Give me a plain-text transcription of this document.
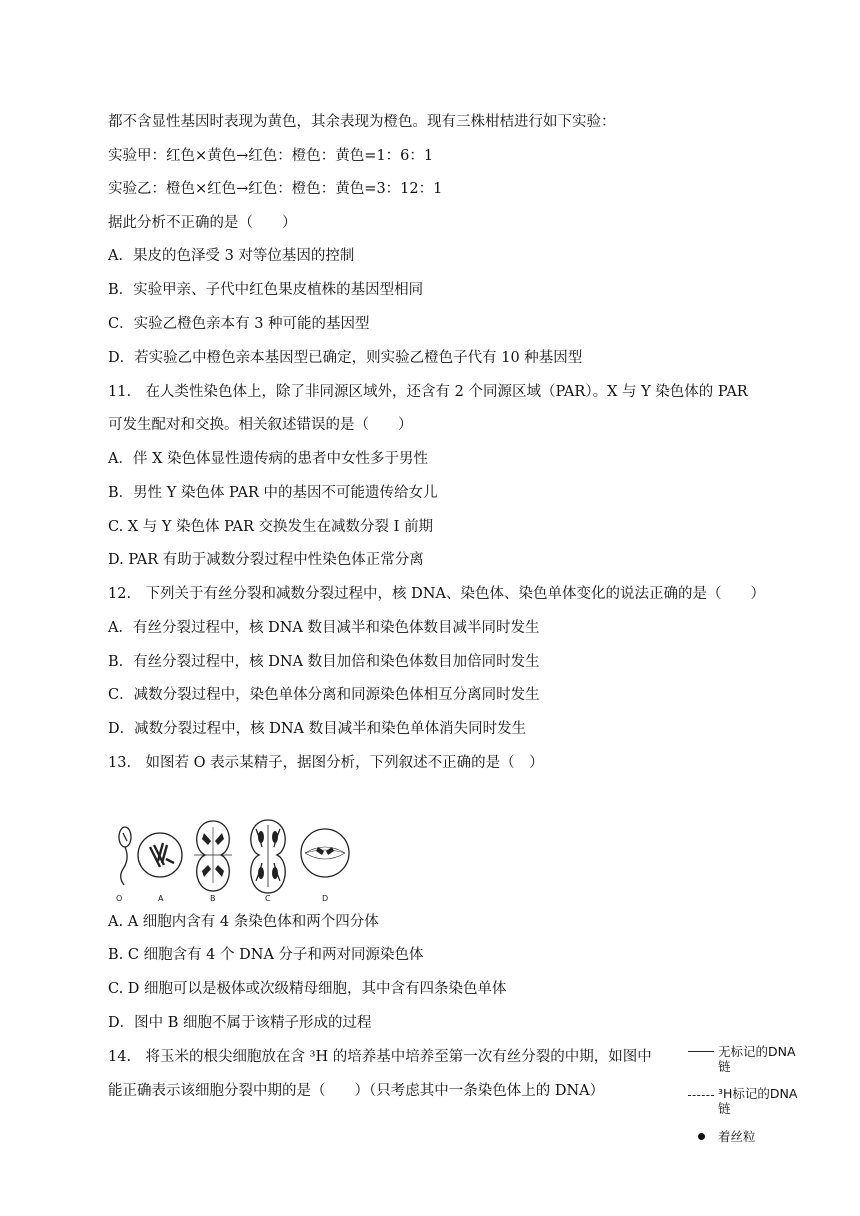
都不含显性基因时表现为黄色，其余表现为橙色。现有三株柑桔进行如下实验：
实验甲：红色×黄色→红色：橙色：黄色=1：6：1
实验乙：橙色×红色→红色：橙色：黄色=3：12：1
据此分析不正确的是（　　）
A．果皮的色泽受 3 对等位基因的控制
B．实验甲亲、子代中红色果皮植株的基因型相同
C．实验乙橙色亲本有 3 种可能的基因型
D．若实验乙中橙色亲本基因型已确定，则实验乙橙色子代有 10 种基因型
11.　在人类性染色体上，除了非同源区域外，还含有 2 个同源区域（PAR）。X 与 Y 染色体的 PAR
可发生配对和交换。相关叙述错误的是（　　）
A．伴 X 染色体显性遗传病的患者中女性多于男性
B．男性 Y 染色体 PAR 中的基因不可能遗传给女儿
C. X 与 Y 染色体 PAR 交换发生在减数分裂 Ⅰ 前期
D. PAR 有助于减数分裂过程中性染色体正常分离
12.　下列关于有丝分裂和减数分裂过程中，核 DNA、染色体、染色单体变化的说法正确的是（　　）
A．有丝分裂过程中，核 DNA 数目减半和染色体数目减半同时发生
B．有丝分裂过程中，核 DNA 数目加倍和染色体数目加倍同时发生
C．减数分裂过程中，染色单体分离和同源染色体相互分离同时发生
D．减数分裂过程中，核 DNA 数目减半和染色单体消失同时发生
13.　如图若 O 表示某精子，据图分析，下列叙述不正确的是（　）
O	A	B	C	D
A. A 细胞内含有 4 条染色体和两个四分体
B. C 细胞含有 4 个 DNA 分子和两对同源染色体
C. D 细胞可以是极体或次级精母细胞，其中含有四条染色单体
D．图中 B 细胞不属于该精子形成的过程
14.　将玉米的根尖细胞放在含 ³H 的培养基中培养至第一次有丝分裂的中期，如图中
能正确表示该细胞分裂中期的是（　　）（只考虑其中一条染色体上的 DNA）
无标记的DNA链
³H标记的DNA链
着丝粒
